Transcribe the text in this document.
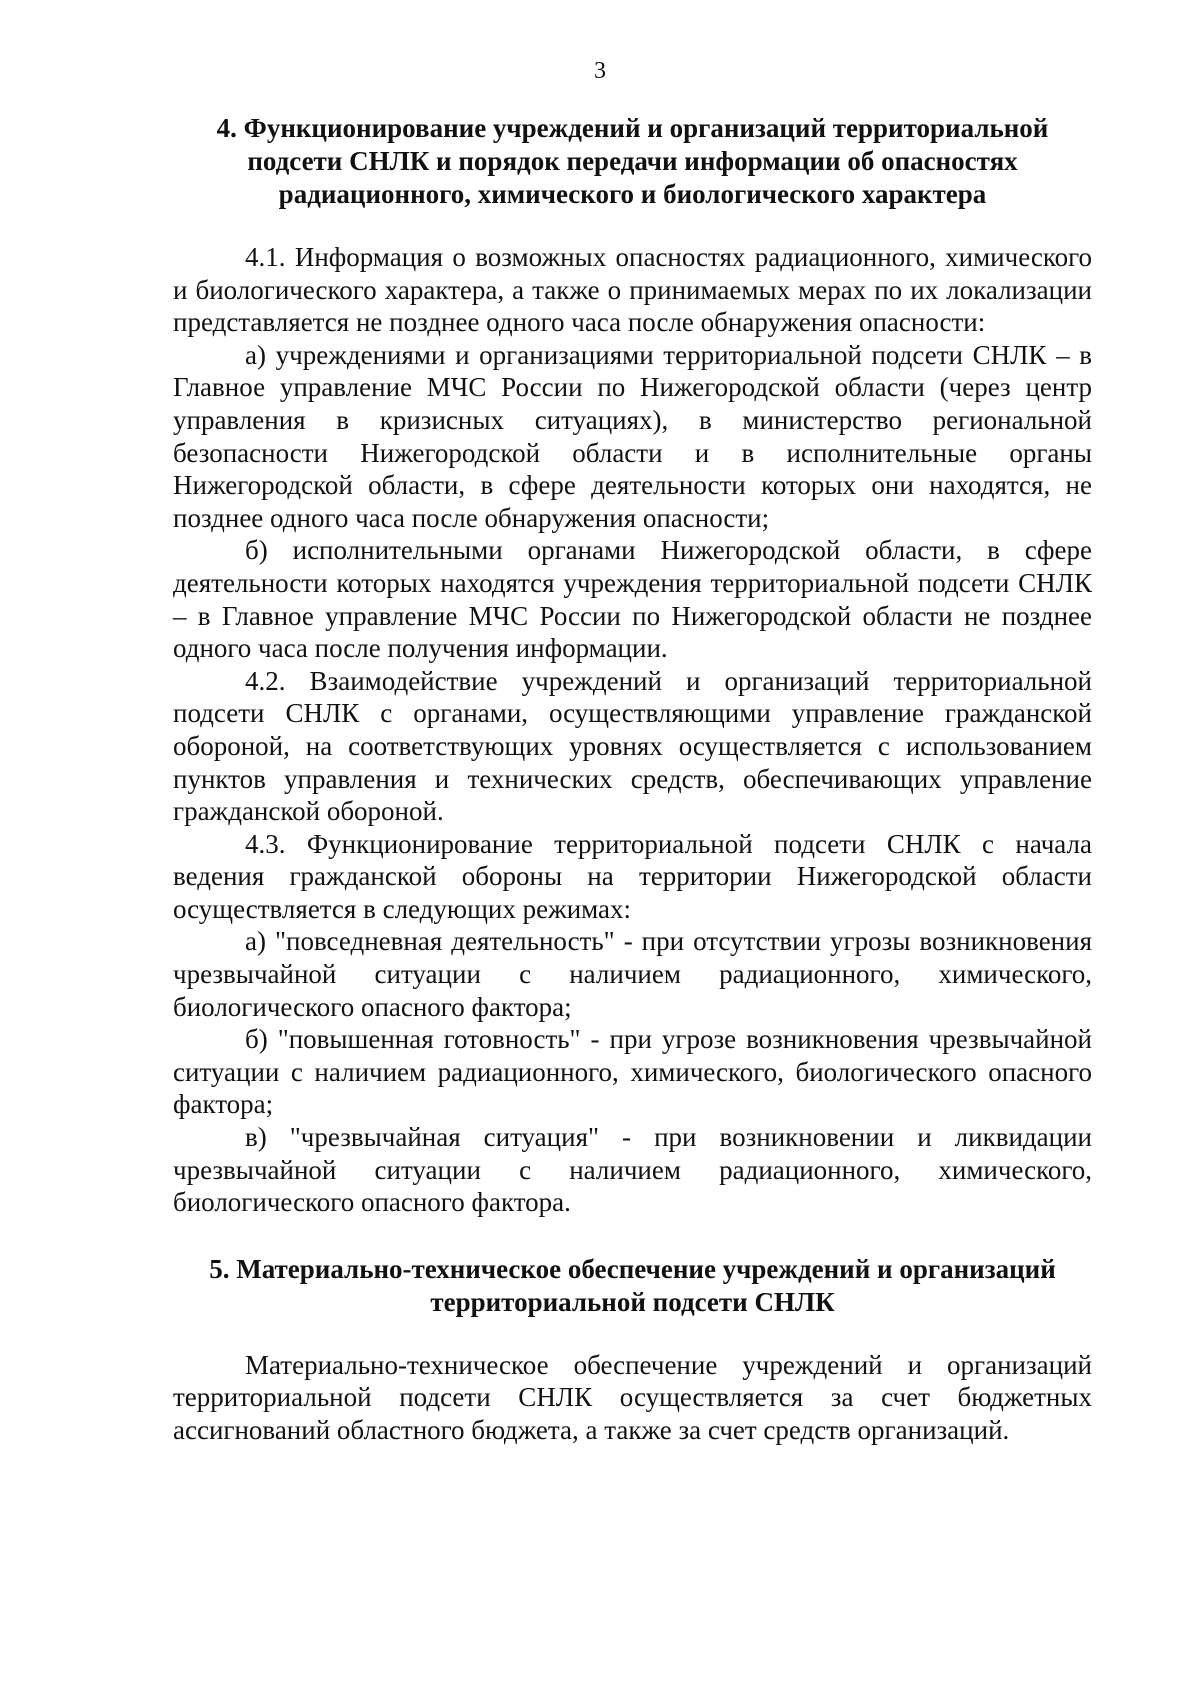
3
4. Функционирование учреждений и организаций территориальной подсети СНЛК и порядок передачи информации об опасностях радиационного, химического и биологического характера

4.1. Информация о возможных опасностях радиационного, химического и биологического характера, а также о принимаемых мерах по их локализации представляется не позднее одного часа после обнаружения опасности:

а) учреждениями и организациями территориальной подсети СНЛК – в Главное управление МЧС России по Нижегородской области (через центр управления в кризисных ситуациях), в министерство региональной безопасности Нижегородской области и в исполнительные органы Нижегородской области, в сфере деятельности которых они находятся, не позднее одного часа после обнаружения опасности;

б) исполнительными органами Нижегородской области, в сфере деятельности которых находятся учреждения территориальной подсети СНЛК – в Главное управление МЧС России по Нижегородской области не позднее одного часа после получения информации.

4.2. Взаимодействие учреждений и организаций территориальной подсети СНЛК с органами, осуществляющими управление гражданской обороной, на соответствующих уровнях осуществляется с использованием пунктов управления и технических средств, обеспечивающих управление гражданской обороной.

4.3. Функционирование территориальной подсети СНЛК с начала ведения гражданской обороны на территории Нижегородской области осуществляется в следующих режимах:

а) "повседневная деятельность" - при отсутствии угрозы возникновения чрезвычайной ситуации с наличием радиационного, химического, биологического опасного фактора;

б) "повышенная готовность" - при угрозе возникновения чрезвычайной ситуации с наличием радиационного, химического, биологического опасного фактора;

в) "чрезвычайная ситуация" - при возникновении и ликвидации чрезвычайной ситуации с наличием радиационного, химического, биологического опасного фактора.

5. Материально-техническое обеспечение учреждений и организаций территориальной подсети СНЛК

Материально-техническое обеспечение учреждений и организаций территориальной подсети СНЛК осуществляется за счет бюджетных ассигнований областного бюджета, а также за счет средств организаций.
